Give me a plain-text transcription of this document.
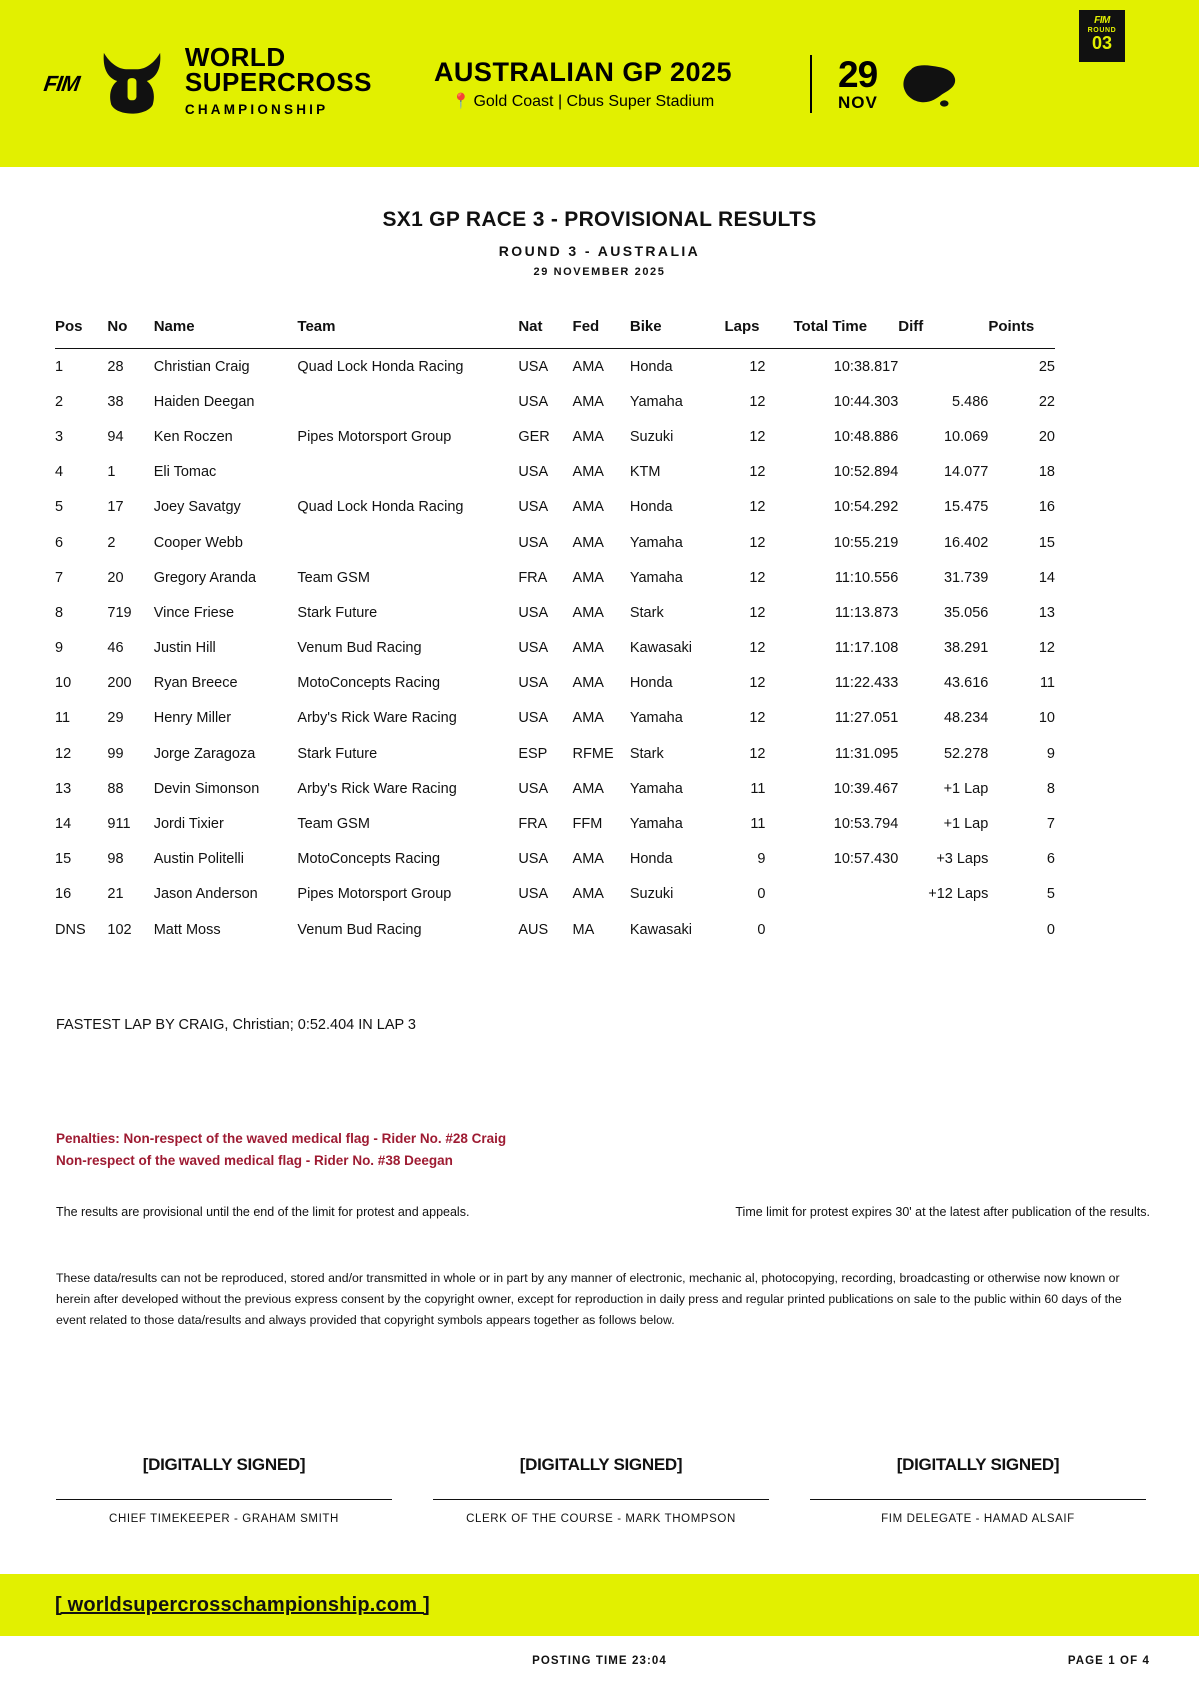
FIM
WORLD
SUPERCROSS
CHAMPIONSHIP
AUSTRALIAN GP 2025
📍 Gold Coast | Cbus Super Stadium
29
NOV
FIM
ROUND
03
SX1 GP RACE 3 - PROVISIONAL RESULTS
ROUND 3 - AUSTRALIA
29 NOVEMBER 2025
Pos	No	Name	Team	Nat	Fed	Bike	Laps	Total Time	Diff	Points
1	28	Christian Craig	Quad Lock Honda Racing	USA	AMA	Honda	12	10:38.817		25
2	38	Haiden Deegan		USA	AMA	Yamaha	12	10:44.303	5.486	22
3	94	Ken Roczen	Pipes Motorsport Group	GER	AMA	Suzuki	12	10:48.886	10.069	20
4	1	Eli Tomac		USA	AMA	KTM	12	10:52.894	14.077	18
5	17	Joey Savatgy	Quad Lock Honda Racing	USA	AMA	Honda	12	10:54.292	15.475	16
6	2	Cooper Webb		USA	AMA	Yamaha	12	10:55.219	16.402	15
7	20	Gregory Aranda	Team GSM	FRA	AMA	Yamaha	12	11:10.556	31.739	14
8	719	Vince Friese	Stark Future	USA	AMA	Stark	12	11:13.873	35.056	13
9	46	Justin Hill	Venum Bud Racing	USA	AMA	Kawasaki	12	11:17.108	38.291	12
10	200	Ryan Breece	MotoConcepts Racing	USA	AMA	Honda	12	11:22.433	43.616	11
11	29	Henry Miller	Arby's Rick Ware Racing	USA	AMA	Yamaha	12	11:27.051	48.234	10
12	99	Jorge Zaragoza	Stark Future	ESP	RFME	Stark	12	11:31.095	52.278	9
13	88	Devin Simonson	Arby's Rick Ware Racing	USA	AMA	Yamaha	11	10:39.467	+1 Lap	8
14	911	Jordi Tixier	Team GSM	FRA	FFM	Yamaha	11	10:53.794	+1 Lap	7
15	98	Austin Politelli	MotoConcepts Racing	USA	AMA	Honda	9	10:57.430	+3 Laps	6
16	21	Jason Anderson	Pipes Motorsport Group	USA	AMA	Suzuki	0		+12 Laps	5
DNS	102	Matt Moss	Venum Bud Racing	AUS	MA	Kawasaki	0			0
FASTEST LAP BY CRAIG, Christian; 0:52.404 IN LAP 3
Penalties: Non-respect of the waved medical flag - Rider No. #28 Craig
Non-respect of the waved medical flag - Rider No. #38 Deegan
The results are provisional until the end of the limit for protest and appeals.	Time limit for protest expires 30' at the latest after publication of the results.
These data/results can not be reproduced, stored and/or transmitted in whole or in part by any manner of electronic, mechanic al, photocopying, recording, broadcasting or otherwise now known or herein after developed without the previous express consent by the copyright owner, except for reproduction in daily press and regular printed publications on sale to the public within 60 days of the event related to those data/results and always provided that copyright symbols appears together as follows below.
[DIGITALLY SIGNED]
CHIEF TIMEKEEPER - GRAHAM SMITH
[DIGITALLY SIGNED]
CLERK OF THE COURSE - MARK THOMPSON
[DIGITALLY SIGNED]
FIM DELEGATE - HAMAD ALSAIF
[ worldsupercrosschampionship.com ]
POSTING TIME 23:04	PAGE 1 OF 4
